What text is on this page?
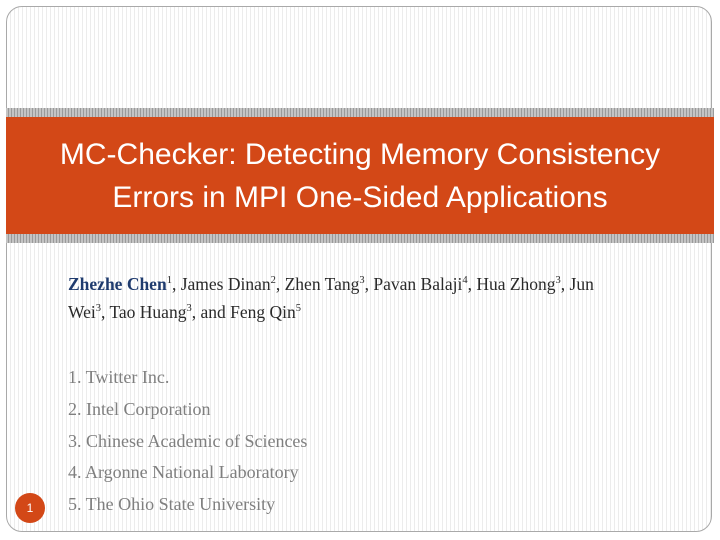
MC-Checker: Detecting Memory Consistency
Errors in MPI One-Sided Applications
Zhezhe Chen$^1$, James Dinan$^2$, Zhen Tang$^3$, Pavan Balaji$^4$, Hua Zhong$^3$, Jun Wei$^3$, Tao Huang$^3$, and Feng Qin$^5$
1. Twitter Inc.
2. Intel Corporation
3. Chinese Academic of Sciences
4. Argonne National Laboratory
5. The Ohio State University
1
